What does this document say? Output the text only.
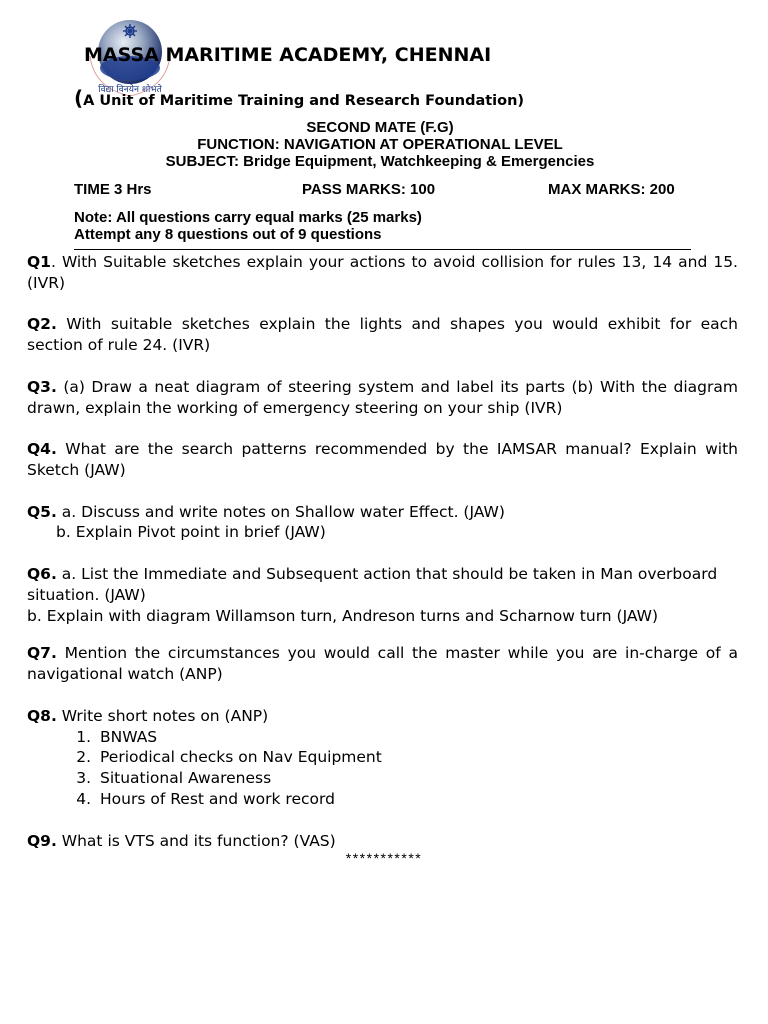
विद्या विनयेन शोभते
MASSA MARITIME ACADEMY, CHENNAI
(A Unit of Maritime Training and Research Foundation)
SECOND MATE (F.G)
FUNCTION: NAVIGATION AT OPERATIONAL LEVEL
SUBJECT: Bridge Equipment, Watchkeeping & Emergencies
TIME 3 Hrs	PASS MARKS: 100	MAX MARKS: 200
Note: All questions carry equal marks (25 marks)
Attempt any 8 questions out of 9 questions

Q1. With Suitable sketches explain your actions to avoid collision for rules 13, 14 and 15. (IVR)

Q2. With suitable sketches explain the lights and shapes you would exhibit for each section of rule 24. (IVR)

Q3. (a) Draw a neat diagram of steering system and label its parts (b) With the diagram drawn, explain the working of emergency steering on your ship (IVR)

Q4. What are the search patterns recommended by the IAMSAR manual? Explain with Sketch (JAW)

Q5. a. Discuss and write notes on Shallow water Effect. (JAW)

b. Explain Pivot point in brief (JAW)

Q6. a. List the Immediate and Subsequent action that should be taken in Man overboard situation. (JAW)

b. Explain with diagram Willamson turn, Andreson turns and Scharnow turn (JAW)

Q7. Mention the circumstances you would call the master while you are in-charge of a navigational watch (ANP)

Q8. Write short notes on (ANP)

1. BNWAS
2. Periodical checks on Nav Equipment
3. Situational Awareness
4. Hours of Rest and work record

Q9. What is VTS and its function? (VAS)

***********
